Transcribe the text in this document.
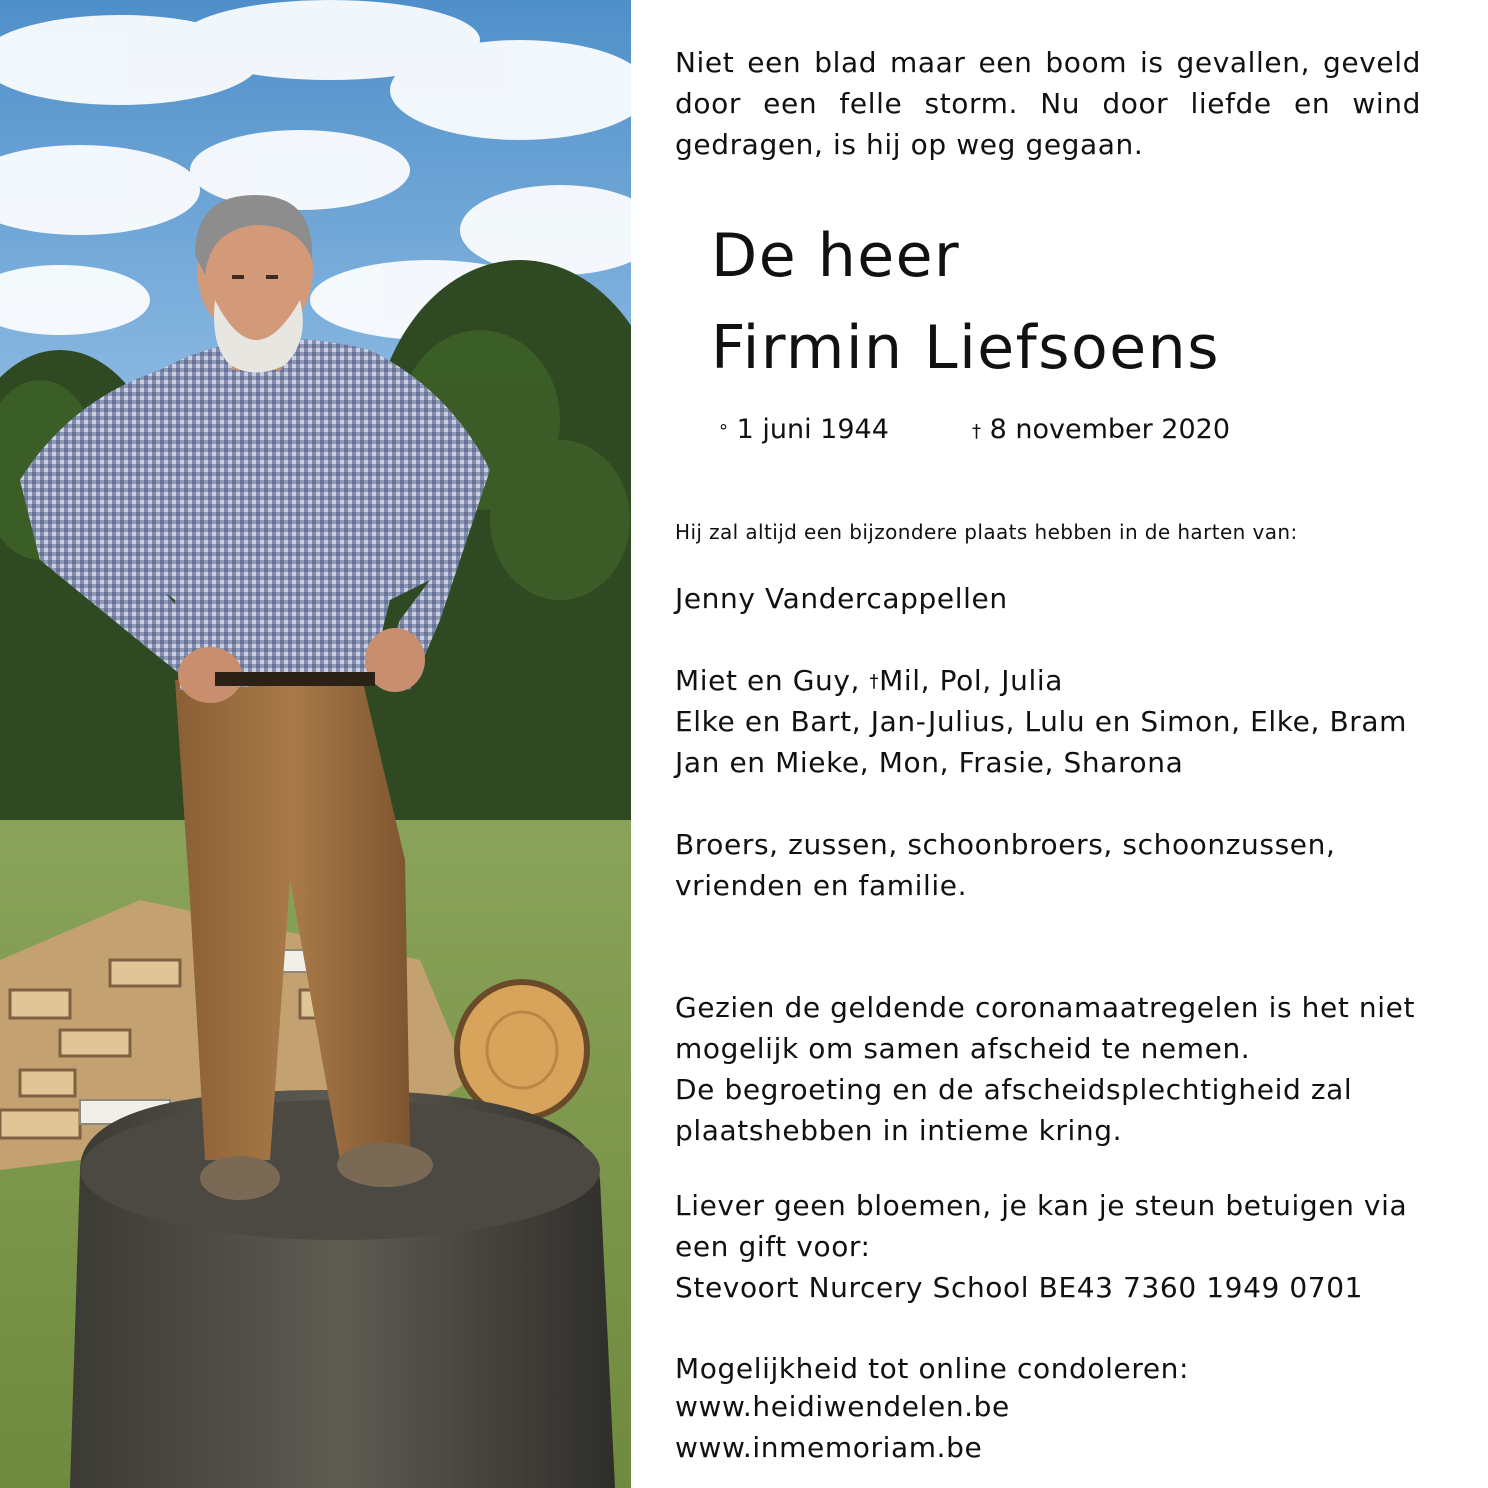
Niet een blad maar een boom is gevallen, geveld door een felle storm. Nu door liefde en wind gedragen, is hij op weg gegaan.

De heer
Firmin Liefsoens
° 1 juni 1944	† 8 november 2020
Hij zal altijd een bijzondere plaats hebben in de harten van:
Jenny Vandercappellen
Miet en Guy, †Mil, Pol, Julia
Elke en Bart, Jan-Julius, Lulu en Simon, Elke, Bram
Jan en Mieke, Mon, Frasie, Sharona
Broers, zussen, schoonbroers, schoonzussen,
vrienden en familie.
Gezien de geldende coronamaatregelen is het niet
mogelijk om samen afscheid te nemen.
De begroeting en de afscheidsplechtigheid zal
plaatshebben in intieme kring.
Liever geen bloemen, je kan je steun betuigen via
een gift voor:
Stevoort Nurcery School BE43 7360 1949 0701
Mogelijkheid tot online condoleren:
www.heidiwendelen.be
www.inmemoriam.be
